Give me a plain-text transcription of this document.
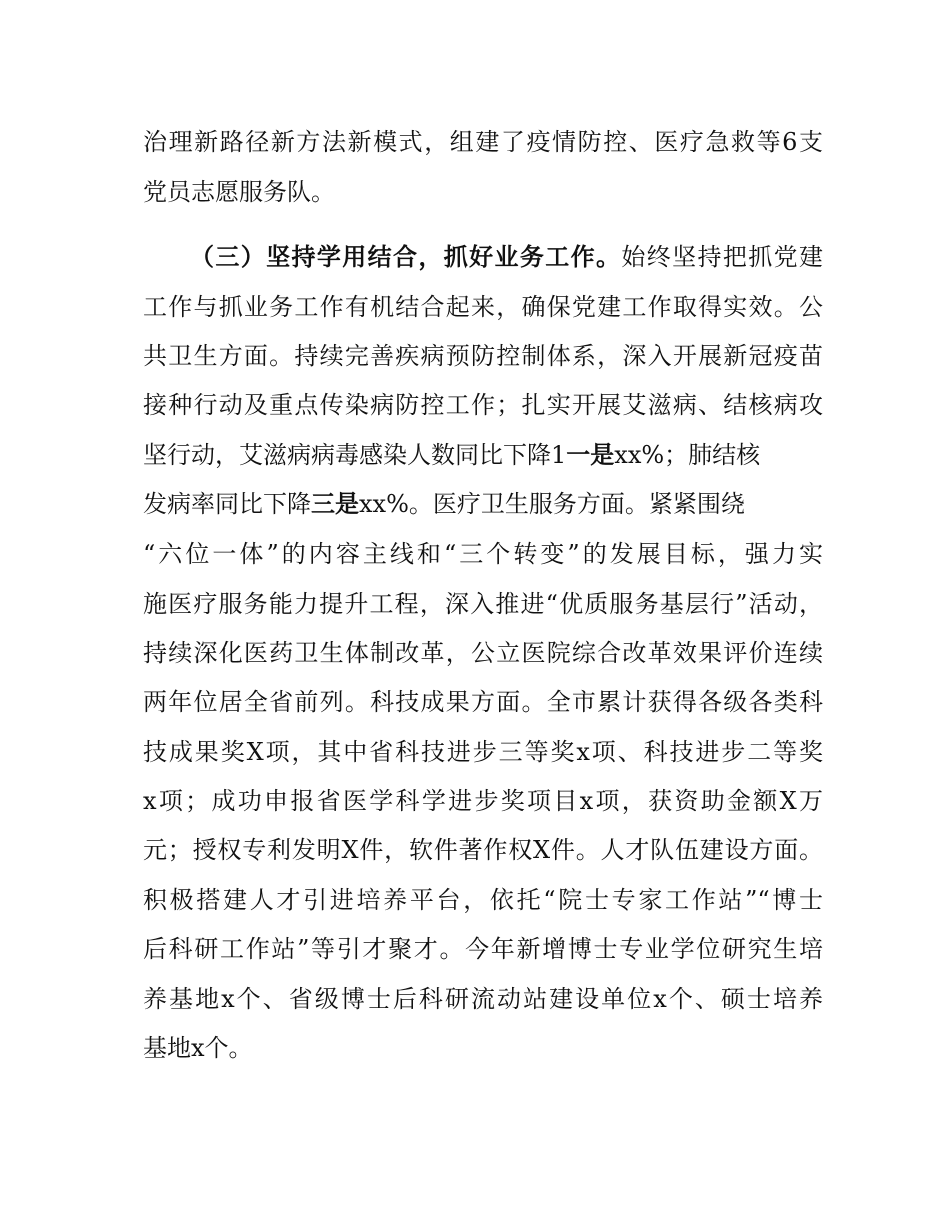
治理新路径新方法新模式，组建了疫情防控、医疗急救等6支
党员志愿服务队。
（三）坚持学用结合，抓好业务工作。始终坚持把抓党建
工作与抓业务工作有机结合起来，确保党建工作取得实效。公
共卫生方面。持续完善疾病预防控制体系，深入开展新冠疫苗
接种行动及重点传染病防控工作；扎实开展艾滋病、结核病攻
坚行动，艾滋病病毒感染人数同比下降1一是xx%；肺结核
发病率同比下降三是xx%。医疗卫生服务方面。紧紧围绕
“六位一体”的内容主线和“三个转变”的发展目标，强力实
施医疗服务能力提升工程，深入推进“优质服务基层行”活动，
持续深化医药卫生体制改革，公立医院综合改革效果评价连续
两年位居全省前列。科技成果方面。全市累计获得各级各类科
技成果奖X项，其中省科技进步三等奖x项、科技进步二等奖
x项；成功申报省医学科学进步奖项目x项，获资助金额X万
元；授权专利发明X件，软件著作权X件。人才队伍建设方面。
积极搭建人才引进培养平台，依托“院士专家工作站”“博士
后科研工作站”等引才聚才。今年新增博士专业学位研究生培
养基地x个、省级博士后科研流动站建设单位x个、硕士培养
基地x个。
